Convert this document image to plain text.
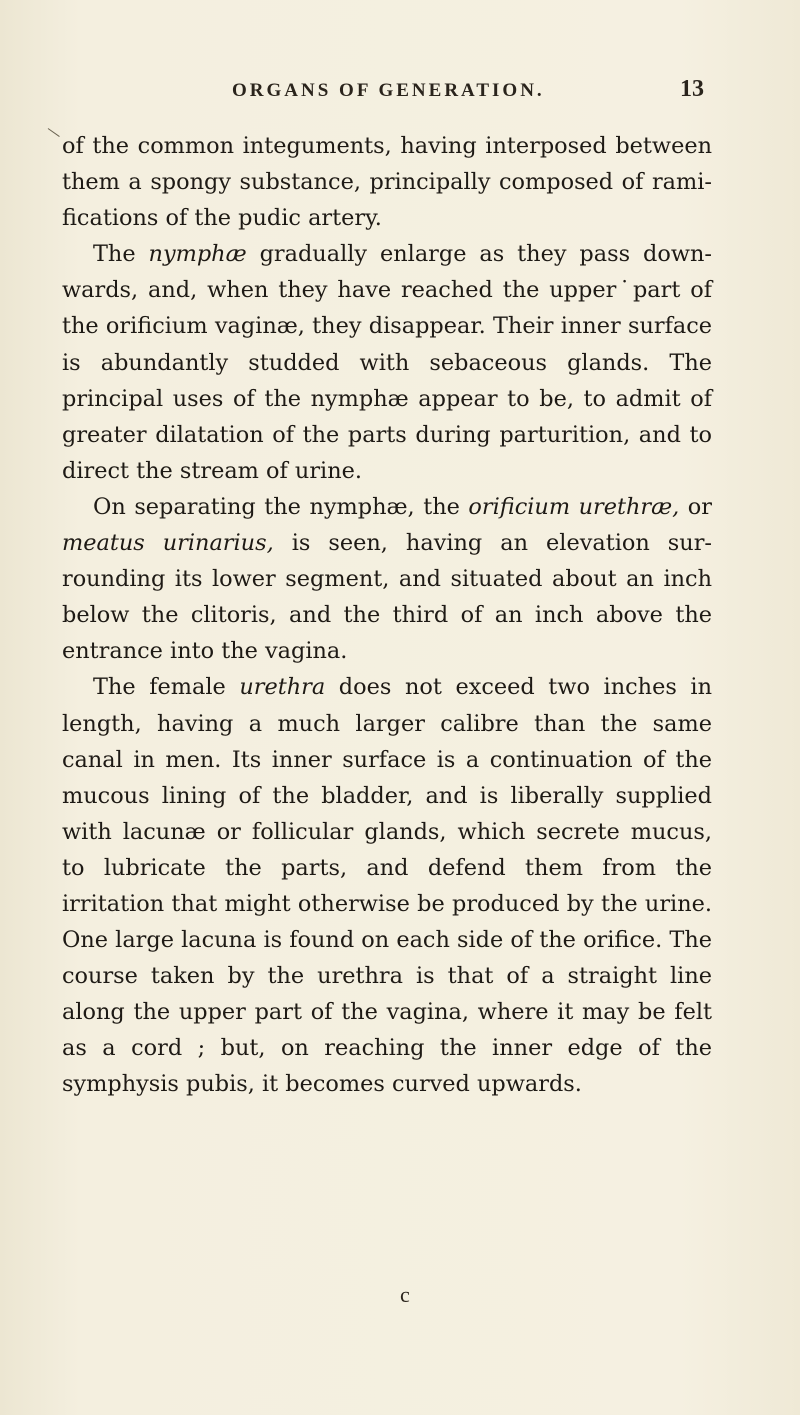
ORGANS OF GENERATION.	13

of the common integuments, having interposed between them a spongy substance, principally composed of ramifications of the pudic artery.

The nymphæ gradually enlarge as they pass downwards, and, when they have reached the upper˙part of the orificium vaginæ, they disappear. Their inner surface is abundantly studded with sebaceous glands. The principal uses of the nymphæ appear to be, to admit of greater dilatation of the parts during parturition, and to direct the stream of urine.

On separating the nymphæ, the orificium urethræ, or meatus urinarius, is seen, having an elevation surrounding its lower segment, and situated about an inch below the clitoris, and the third of an inch above the entrance into the vagina.

The female urethra does not exceed two inches in length, having a much larger calibre than the same canal in men. Its inner surface is a continuation of the mucous lining of the bladder, and is liberally supplied with lacunæ or follicular glands, which secrete mucus, to lubricate the parts, and defend them from the irritation that might otherwise be produced by the urine. One large lacuna is found on each side of the orifice. The course taken by the urethra is that of a straight line along the upper part of the vagina, where it may be felt as a cord ; but, on reaching the inner edge of the symphysis pubis, it becomes curved upwards.

c
